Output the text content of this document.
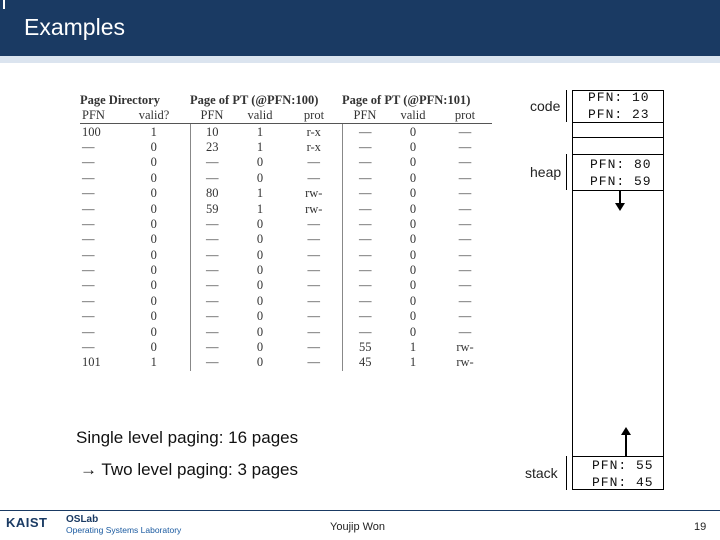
Examples
Page Directory		Page of PT (@PFN:100)			Page of PT (@PFN:101)		
PFN	valid?	PFN	valid	prot	PFN	valid	prot
100	1	10	1	r-x	—	0	—
—	0	23	1	r-x	—	0	—
—	0	—	0	—	—	0	—
—	0	—	0	—	—	0	—
—	0	80	1	rw-	—	0	—
—	0	59	1	rw-	—	0	—
—	0	—	0	—	—	0	—
—	0	—	0	—	—	0	—
—	0	—	0	—	—	0	—
—	0	—	0	—	—	0	—
—	0	—	0	—	—	0	—
—	0	—	0	—	—	0	—
—	0	—	0	—	—	0	—
—	0	—	0	—	—	0	—
—	0	—	0	—	55	1	rw-
101	1	—	0	—	45	1	rw-
code
heap
stack
PFN: 10
PFN: 23
PFN: 80
PFN: 59
PFN: 55
PFN: 45
Single level paging: 16 pages
→ Two level paging: 3 pages
KAIST OSLab
Operating Systems Laboratory	Youjip Won	19
